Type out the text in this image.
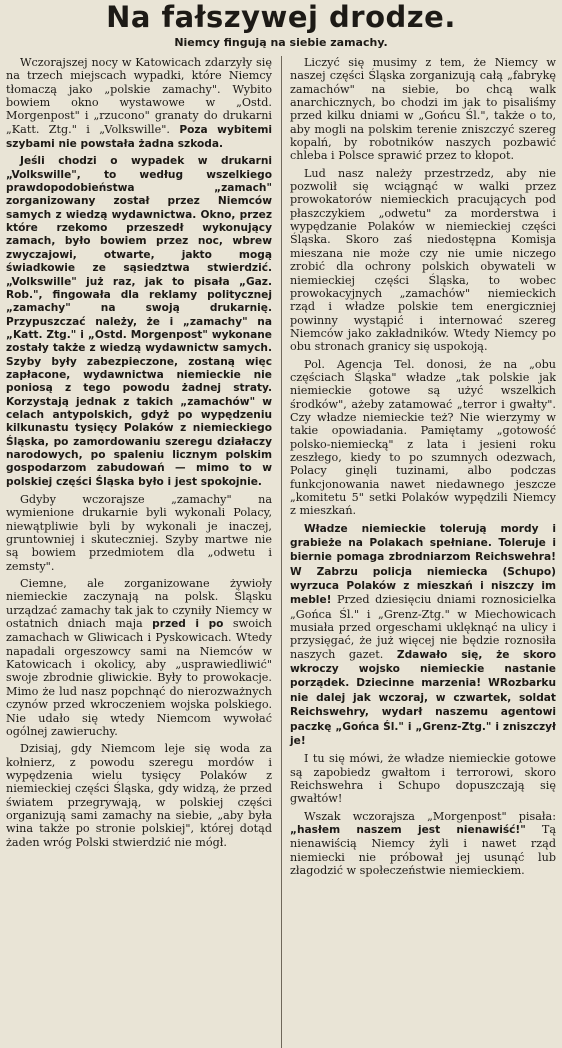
Na fałszywej drodze.
Niemcy fingują na siebie zamachy.

Wczorajszej nocy w Katowicach zdarzyły się na trzech miejscach wypadki, które Niemcy tłomaczą jako „polskie zamachy". Wybito bowiem okno wystawowe w „Ostd. Morgenpost" i „rzucono" granaty do drukarni „Katt. Ztg." i „Volkswille". Poza wybitemi szybami nie powstała żadna szkoda.

Jeśli chodzi o wypadek w drukarni „Volkswille", to według wszelkiego prawdopodobieństwa „zamach" zorganizowany został przez Niemców samych z wiedzą wydawnictwa. Okno, przez które rzekomo przeszedł wykonujący zamach, było bowiem przez noc, wbrew zwyczajowi, otwarte, jakto mogą świadkowie ze sąsiedztwa stwierdzić. „Volkswille" już raz, jak to pisała „Gaz. Rob.", fingowała dla reklamy politycznej „zamachy" na swoją drukarnię. Przypuszczać należy, że i „zamachy" na „Katt. Ztg." i „Ostd. Morgenpost" wykonane zostały także z wiedzą wydawnictw samych. Szyby były zabezpieczone, zostaną więc zapłacone, wydawnictwa niemieckie nie poniosą z tego powodu żadnej straty. Korzystają jednak z takich „zamachów" w celach antypolskich, gdyż po wypędzeniu kilkunastu tysięcy Polaków z niemieckiego Śląska, po zamordowaniu szeregu działaczy narodowych, po spaleniu licznym polskim gospodarzom zabudowań — mimo to w polskiej części Śląska było i jest spokojnie.

Gdyby wczorajsze „zamachy" na wymienione drukarnie byli wykonali Polacy, niewątpliwie byli by wykonali je inaczej, gruntowniej i skuteczniej. Szyby martwe nie są bowiem przedmiotem dla „odwetu i zemsty".

Ciemne, ale zorganizowane żywioły niemieckie zaczynają na polsk. Śląsku urządzać zamachy tak jak to czyniły Niemcy w ostatnich dniach maja przed i po swoich zamachach w Gliwicach i Pyskowicach. Wtedy napadali orgeszowcy sami na Niemców w Katowicach i okolicy, aby „usprawiedliwić" swoje zbrodnie gliwickie. Były to prowokacje. Mimo że lud nasz popchnąć do nierozważnych czynów przed wkroczeniem wojska polskiego. Nie udało się wtedy Niemcom wywołać ogólnej zawieruchy.

Dzisiaj, gdy Niemcom leje się woda za kołnierz, z powodu szeregu mordów i wypędzenia wielu tysięcy Polaków z niemieckiej części Śląska, gdy widzą, że przed światem przegrywają, w polskiej części organizują sami zamachy na siebie, „aby była wina także po stronie polskiej", której dotąd żaden wróg Polski stwierdzić nie mógł.

Liczyć się musimy z tem, że Niemcy w naszej części Śląska zorganizują całą „fabrykę zamachów" na siebie, bo chcą walk anarchicznych, bo chodzi im jak to pisaliśmy przed kilku dniami w „Gońcu Śl.", także o to, aby mogli na polskim terenie zniszczyć szereg kopalń, by robotników naszych pozbawić chleba i Polsce sprawić przez to kłopot.

Lud nasz należy przestrzedz, aby nie pozwolił się wciągnąć w walki przez prowokatorów niemieckich pracujących pod płaszczykiem „odwetu" za morderstwa i wypędzanie Polaków w niemieckiej części Śląska. Skoro zaś niedostępna Komisja mieszana nie może czy nie umie niczego zrobić dla ochrony polskich obywateli w niemieckiej części Śląska, to wobec prowokacyjnych „zamachów" niemieckich rząd i władze polskie tem energiczniej powinny wystąpić i internować szereg Niemców jako zakładników. Wtedy Niemcy po obu stronach granicy się uspokoją.

Pol. Agencja Tel. donosi, że na „obu częściach Śląska" władze „tak polskie jak niemieckie gotowe są użyć wszelkich środków", ażeby zatamować „terror i gwałty". Czy władze niemieckie też? Nie wierzymy w takie opowiadania. Pamiętamy „gotowość polsko-niemiecką" z lata i jesieni roku zeszłego, kiedy to po szumnych odezwach, Polacy ginęli tuzinami, albo podczas funkcjonowania nawet niedawnego jeszcze „komitetu 5" setki Polaków wypędzili Niemcy z mieszkań.

Władze niemieckie tolerują mordy i grabieże na Polakach spełniane. Toleruje i biernie pomaga zbrodniarzom Reichswehra! W Zabrzu policja niemiecka (Schupo) wyrzuca Polaków z mieszkań i niszczy im meble! Przed dziesięciu dniami roznosicielka „Gońca Śl." i „Grenz-Ztg." w Miechowicach musiała przed orgeschami uklęknąć na ulicy i przysięgać, że już więcej nie będzie roznosiła naszych gazet. Zdawało się, że skoro wkroczy wojsko niemieckie nastanie porządek. Dziecinne marzenia! WRozbarku nie dalej jak wczoraj, w czwartek, soldat Reichswehry, wydarł naszemu agentowi paczkę „Gońca Śl." i „Grenz-Ztg." i zniszczył je!

I tu się mówi, że władze niemieckie gotowe są zapobiedz gwałtom i terrorowi, skoro Reichswehra i Schupo dopuszczają się gwałtów!

Wszak wczorajsza „Morgenpost" pisała: „hasłem naszem jest nienawiść!" Tą nienawiścią Niemcy żyli i nawet rząd niemiecki nie próbował jej usunąć lub złagodzić w społeczeństwie niemieckiem.
